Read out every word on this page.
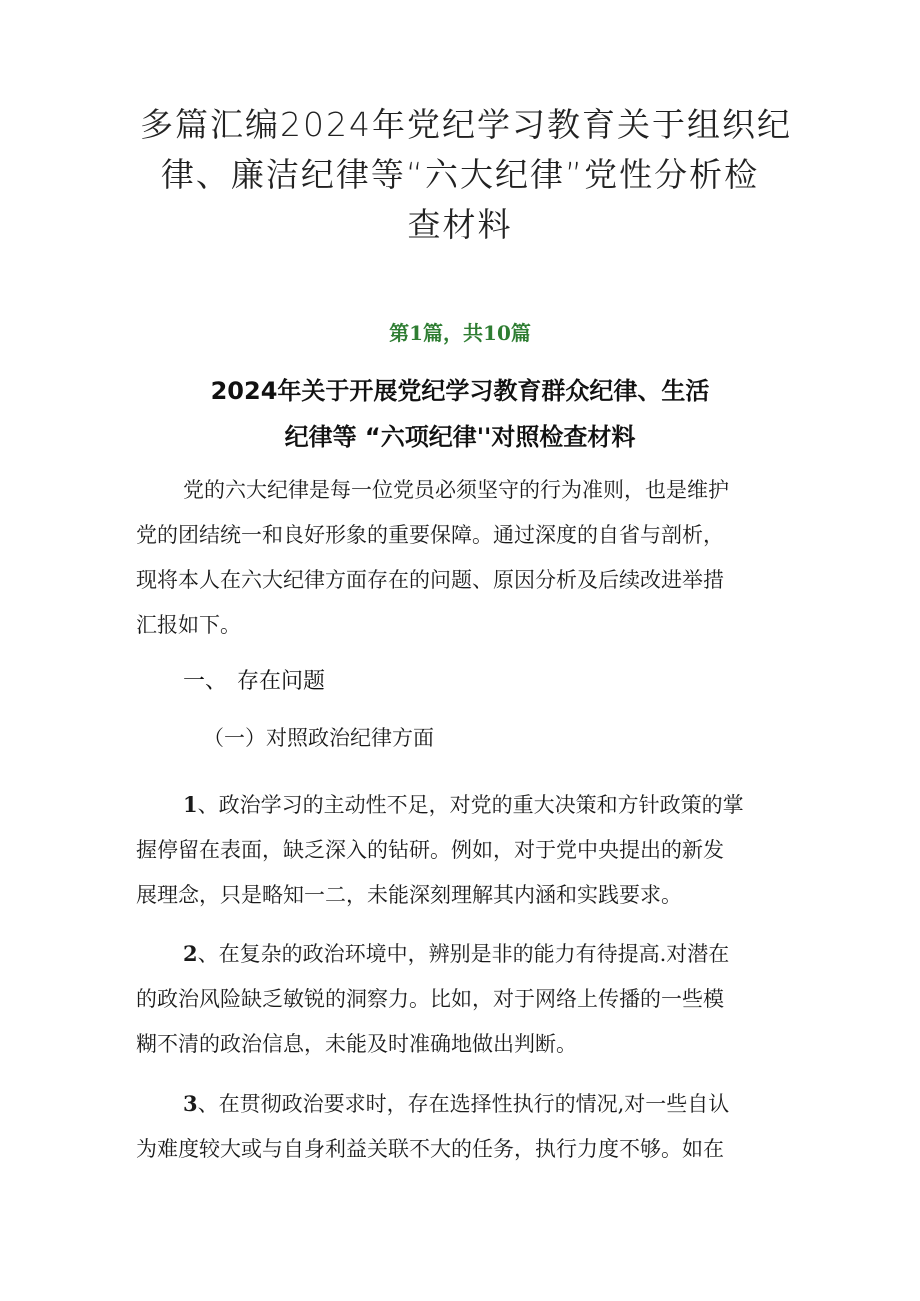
多篇汇编2024年党纪学习教育关于组织纪
律、廉洁纪律等“六大纪律”党性分析检
查材料
第1篇，共10篇
2024年关于开展党纪学习教育群众纪律、生活
纪律等 “六项纪律''对照检查材料

党的六大纪律是每一位党员必须坚守的行为准则，也是维护
党的团结统一和良好形象的重要保障。通过深度的自省与剖析，
现将本人在六大纪律方面存在的问题、原因分析及后续改进举措
汇报如下。

一、 存在问题
（一）对照政治纪律方面

1、政治学习的主动性不足，对党的重大决策和方针政策的掌
握停留在表面，缺乏深入的钻研。例如，对于党中央提出的新发
展理念，只是略知一二，未能深刻理解其内涵和实践要求。

2、在复杂的政治环境中，辨别是非的能力有待提高.对潜在
的政治风险缺乏敏锐的洞察力。比如，对于网络上传播的一些模
糊不清的政治信息，未能及时准确地做出判断。

3、在贯彻政治要求时，存在选择性执行的情况,对一些自认
为难度较大或与自身利益关联不大的任务，执行力度不够。如在
